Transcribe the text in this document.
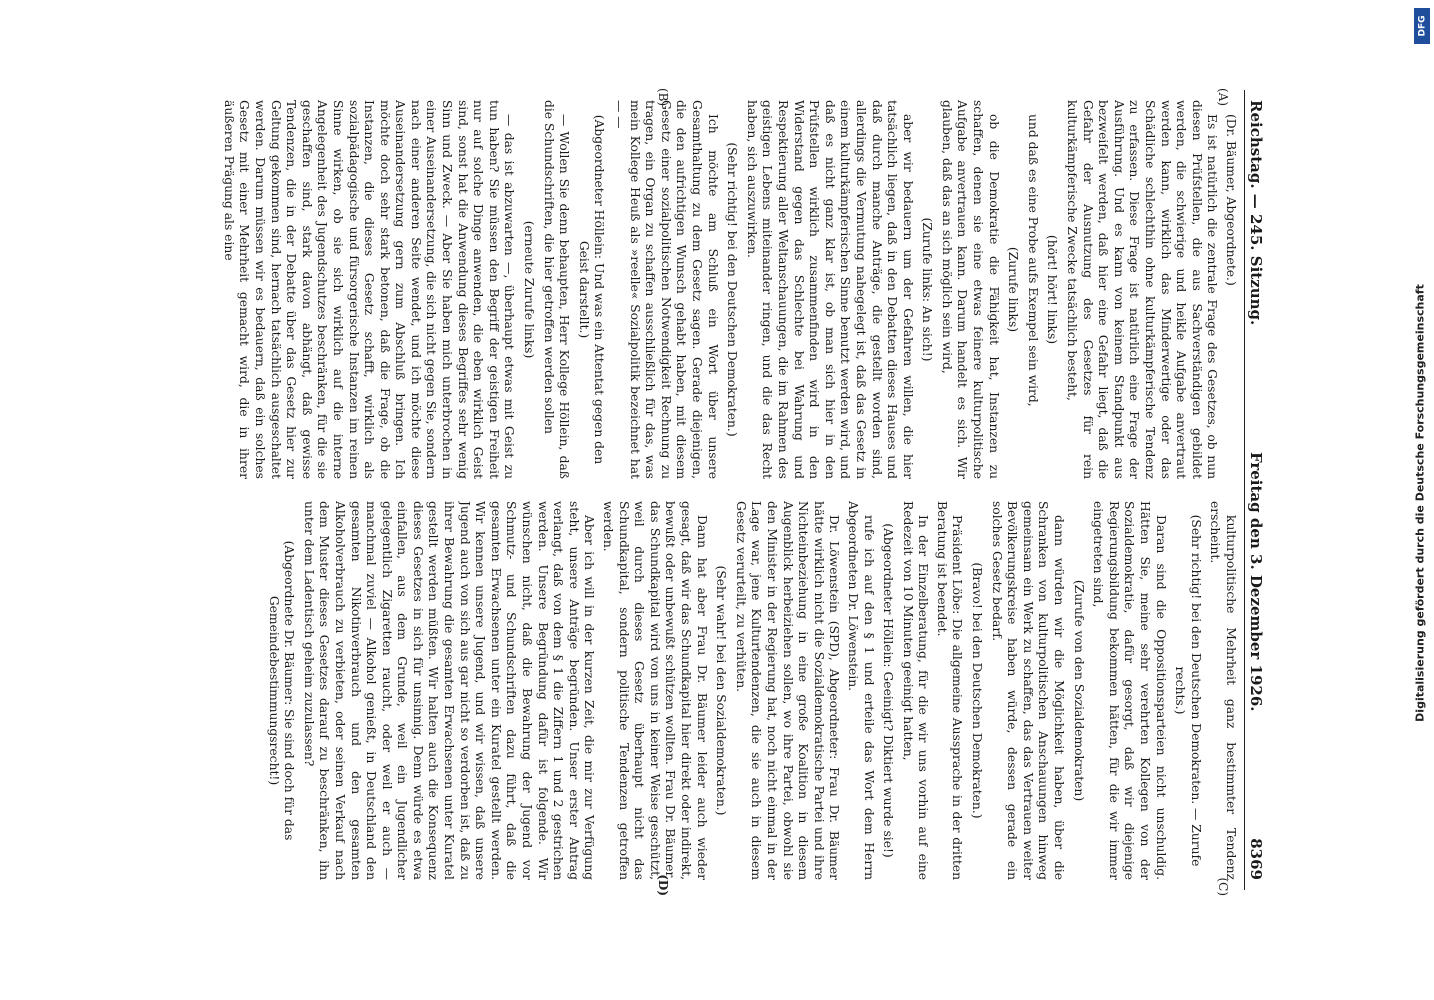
Reichstag. — 245. Sitzung.
Freitag den 3. Dezember 1926.
8369

(Dr. Bäumer, Abgeordnete.)

Es ist natürlich die zentrale Frage des Gesetzes, ob nun diesen Prüfstellen, die aus Sachverständigen gebildet werden, die schwierige und heikle Aufgabe anvertraut werden kann, wirklich das Minderwertige oder das Schädliche schlechthin ohne kulturkämpferische Tendenz zu erfassen. Diese Frage ist natürlich eine Frage der Ausführung. Und es kann von keinem Standpunkt aus bezweifelt werden, daß hier eine Gefahr liegt, daß die Gefahr der Ausnutzung des Gesetzes für rein kulturkämpferische Zwecke tatsächlich besteht,

(hört! hört! links)

und daß es eine Probe aufs Exempel sein wird,

(Zurufe links)

ob die Demokratie die Fähigkeit hat, Instanzen zu schaffen, denen sie eine etwas feinere kulturpolitische Aufgabe anvertrauen kann. Darum handelt es sich. Wir glauben, daß das an sich möglich sein wird,

(Zurufe links: An sich!)

aber wir bedauern um der Gefahren willen, die hier tatsächlich liegen, daß in den Debatten dieses Hauses und daß durch manche Anträge, die gestellt worden sind, allerdings die Vermutung nahegelegt ist, daß das Gesetz in einem kulturkämpferischen Sinne benutzt werden wird, und daß es nicht ganz klar ist, ob man sich hier in den Prüfstellen wirklich zusammenfinden wird in den Widerstand gegen das Schlechte bei Wahrung und Respektierung aller Weltanschauungen, die im Rahmen des geistigen Lebens miteinander ringen, und die das Recht haben, sich auszuwirken.

(Sehr richtig! bei den Deutschen Demokraten.)

Ich möchte am Schluß ein Wort über unsere Gesamthaltung zu dem Gesetz sagen. Gerade diejenigen, die den aufrichtigen Wunsch gehabt haben, mit diesem Gesetz einer sozialpolitischen Notwendigkeit Rechnung zu tragen, ein Organ zu schaffen ausschließlich für das, was mein Kollege Heuß als »reelle« Sozialpolitik bezeichnet hat — —

(Abgeordneter Höllein: Und was ein Attentat gegen den Geist darstellt.)

— Wollen Sie denn behaupten, Herr Kollege Höllein, daß die Schundschriften, die hier getroffen werden sollen

(erneute Zurufe links)

— das ist abzuwarten —, überhaupt etwas mit Geist zu tun haben? Sie müssen den Begriff der geistigen Freiheit nur auf solche Dinge anwenden, die eben wirklich Geist sind, sonst hat die Anwendung dieses Begriffes sehr wenig Sinn und Zweck. — Aber Sie haben mich unterbrochen in einer Auseinandersetzung, die sich nicht gegen Sie, sondern nach einer anderen Seite wendet, und ich möchte diese Auseinandersetzung gern zum Abschluß bringen. Ich möchte doch sehr stark betonen, daß die Frage, ob die Instanzen, die dieses Gesetz schafft, wirklich als sozialpädagogische und fürsorgerische Instanzen im reinen Sinne wirken, ob sie sich wirklich auf die interne Angelegenheit des Jugendschutzes beschränken, für die sie geschaffen sind, stark davon abhängt, daß gewisse Tendenzen, die in der Debatte über das Gesetz hier zur Geltung gekommen sind, hernach tatsächlich ausgeschaltet werden. Darum müssen wir es bedauern, daß ein solches Gesetz mit einer Mehrheit gemacht wird, die in ihrer äußeren Prägung als eine

kulturpolitische Mehrheit ganz bestimmter Tendenz erscheint.

(Sehr richtig! bei den Deutschen Demokraten. — Zurufe rechts.)

Daran sind die Oppositionsparteien nicht unschuldig. Hätten Sie, meine sehr verehrten Kollegen von der Sozialdemokratie, dafür gesorgt, daß wir diejenige Regierungsbildung bekommen hätten, für die wir immer eingetreten sind,

(Zurufe von den Sozialdemokraten)

dann würden wir die Möglichkeit haben, über die Schranken von kulturpolitischen Anschauungen hinweg gemeinsam ein Werk zu schaffen, das das Vertrauen weiter Bevölkerungskreise haben würde, dessen gerade ein solches Gesetz bedarf.

(Bravo! bei den Deutschen Demokraten.)

Präsident Löbe: Die allgemeine Aussprache in der dritten Beratung ist beendet.

In der Einzelberatung, für die wir uns vorhin auf eine Redezeit von 10 Minuten geeinigt hatten,

(Abgeordneter Höllein: Geeinigt? Diktiert wurde sie!)

rufe ich auf den § 1 und erteile das Wort dem Herrn Abgeordneten Dr. Löwenstein.

Dr. Löwenstein (SPD), Abgeordneter: Frau Dr. Bäumer hätte wirklich nicht die Sozialdemokratische Partei und ihre Nichteinbeziehung in eine große Koalition in diesem Augenblick herbeiziehen sollen, wo ihre Partei, obwohl sie den Minister in der Regierung hat, noch nicht einmal in der Lage war, jene Kulturtendenzen, die sie auch in diesem Gesetz verurteilt, zu verhüten.

(Sehr wahr! bei den Sozialdemokraten.)

Dann hat aber Frau Dr. Bäumer leider auch wieder gesagt, daß wir das Schundkapital hier direkt oder indirekt, bewußt oder unbewußt schützen wollten. Frau Dr. Bäumer, das Schundkapital wird von uns in keiner Weise geschützt, weil durch dieses Gesetz überhaupt nicht das Schundkapital, sondern politische Tendenzen getroffen werden.

Aber ich will in der kurzen Zeit, die mir zur Verfügung steht, unsere Anträge begründen. Unser erster Antrag verlangt, daß von dem § 1 die Ziffern 1 und 2 gestrichen werden. Unsere Begründung dafür ist folgende. Wir wünschen nicht, daß die Bewahrung der Jugend vor Schmutz- und Schundschriften dazu führt, daß die gesamten Erwachsenen unter ein Kuratel gestellt werden. Wir kennen unsere Jugend, und wir wissen, daß unsere Jugend auch von sich aus gar nicht so verdorben ist, daß zu ihrer Bewahrung die gesamten Erwachsenen unter Kuratel gestellt werden müßten. Wir halten auch die Konsequenz dieses Gesetzes in sich für unsinnig. Denn würde es etwa einfallen, aus dem Grunde, weil ein Jugendlicher gelegentlich Zigaretten raucht, oder weil er auch — manchmal zuviel — Alkohol genießt, in Deutschland den gesamten Nikotinverbrauch und den gesamten Alkoholverbrauch zu verbieten, oder seinen Verkauf nach dem Muster dieses Gesetzes darauf zu beschränken, ihn unter dem Ladentisch geheim zuzulassen?

(Abgeordnete Dr. Bäumer: Sie sind doch für das Gemeindebestimmungsrecht!)

(A)
(B)
(C)
(D)
Digitalisierung gefördert durch die Deutsche Forschungsgemeinschaft
DFG
